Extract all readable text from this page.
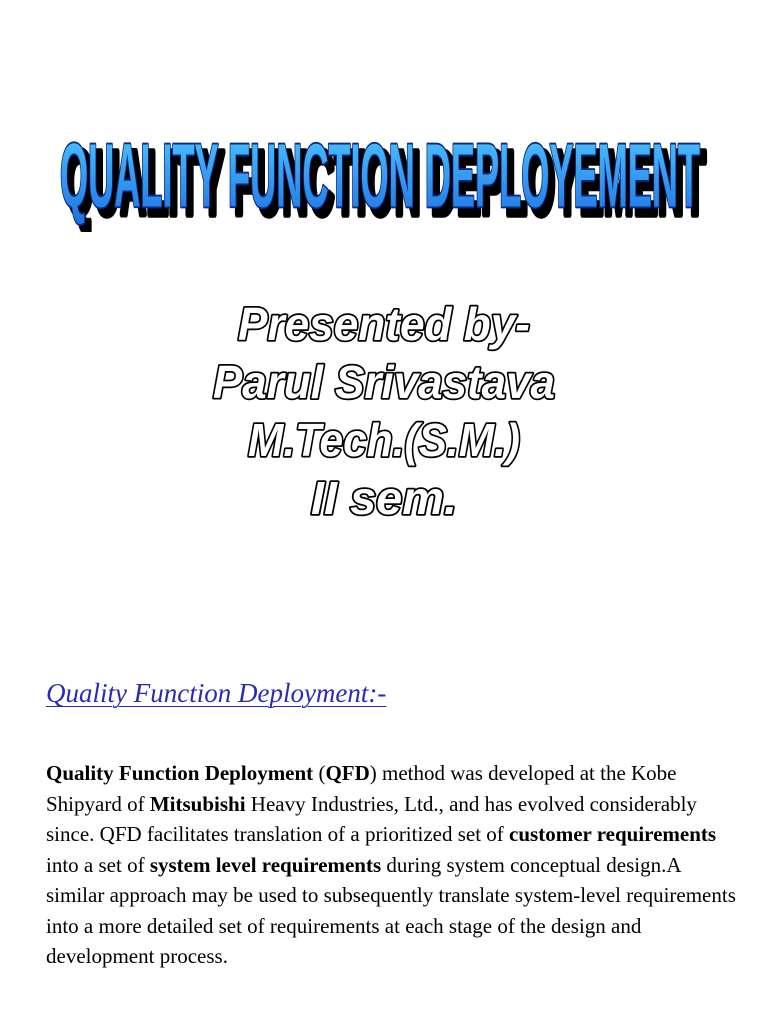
QUALITY FUNCTION DEPLOYEMENT
QUALITY FUNCTION DEPLOYEMENT
Presented by-
Parul Srivastava
M.Tech.(S.M.)
II sem.
Quality Function Deployment:-

Quality Function Deployment (QFD) method was developed at the Kobe Shipyard of Mitsubishi Heavy Industries, Ltd., and has evolved considerably since. QFD facilitates translation of a prioritized set of customer requirements into a set of system level requirements during system conceptual design.A similar approach may be used to subsequently translate system-level requirements into a more detailed set of requirements at each stage of the design and development process.
